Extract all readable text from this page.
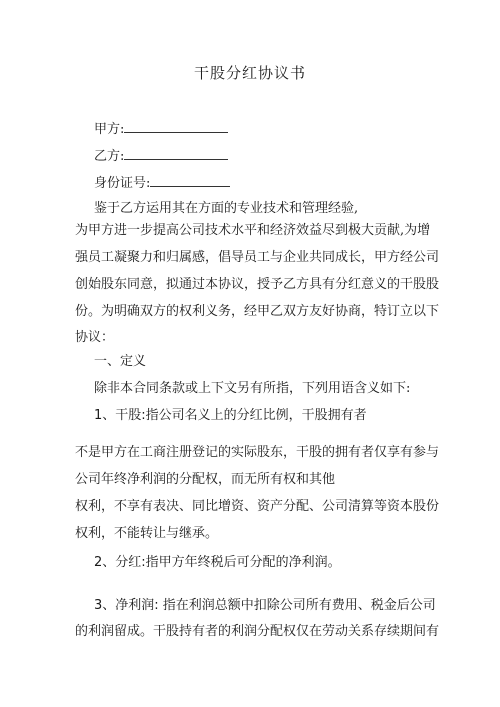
干股分红协议书
甲方:
乙方:
身份证号:
鉴于乙方运用其在方面的专业技术和管理经验,
为甲方进一步提高公司技术水平和经济效益尽到极大贡献,为增
强员工凝聚力和归属感，倡导员工与企业共同成长，甲方经公司
创始股东同意，拟通过本协议，授予乙方具有分红意义的干股股
份。为明确双方的权利义务，经甲乙双方友好协商，特订立以下
协议：
一、定义
除非本合同条款或上下文另有所指，下列用语含义如下:
1、干股:指公司名义上的分红比例，干股拥有者
不是甲方在工商注册登记的实际股东，干股的拥有者仅享有参与
公司年终净利润的分配权，而无所有权和其他
权利，不享有表决、同比增资、资产分配、公司清算等资本股份
权利，不能转让与继承。
2、分红:指甲方年终税后可分配的净利润。
3、净利润: 指在利润总额中扣除公司所有费用、税金后公司
的利润留成。干股持有者的利润分配权仅在劳动关系存续期间有
